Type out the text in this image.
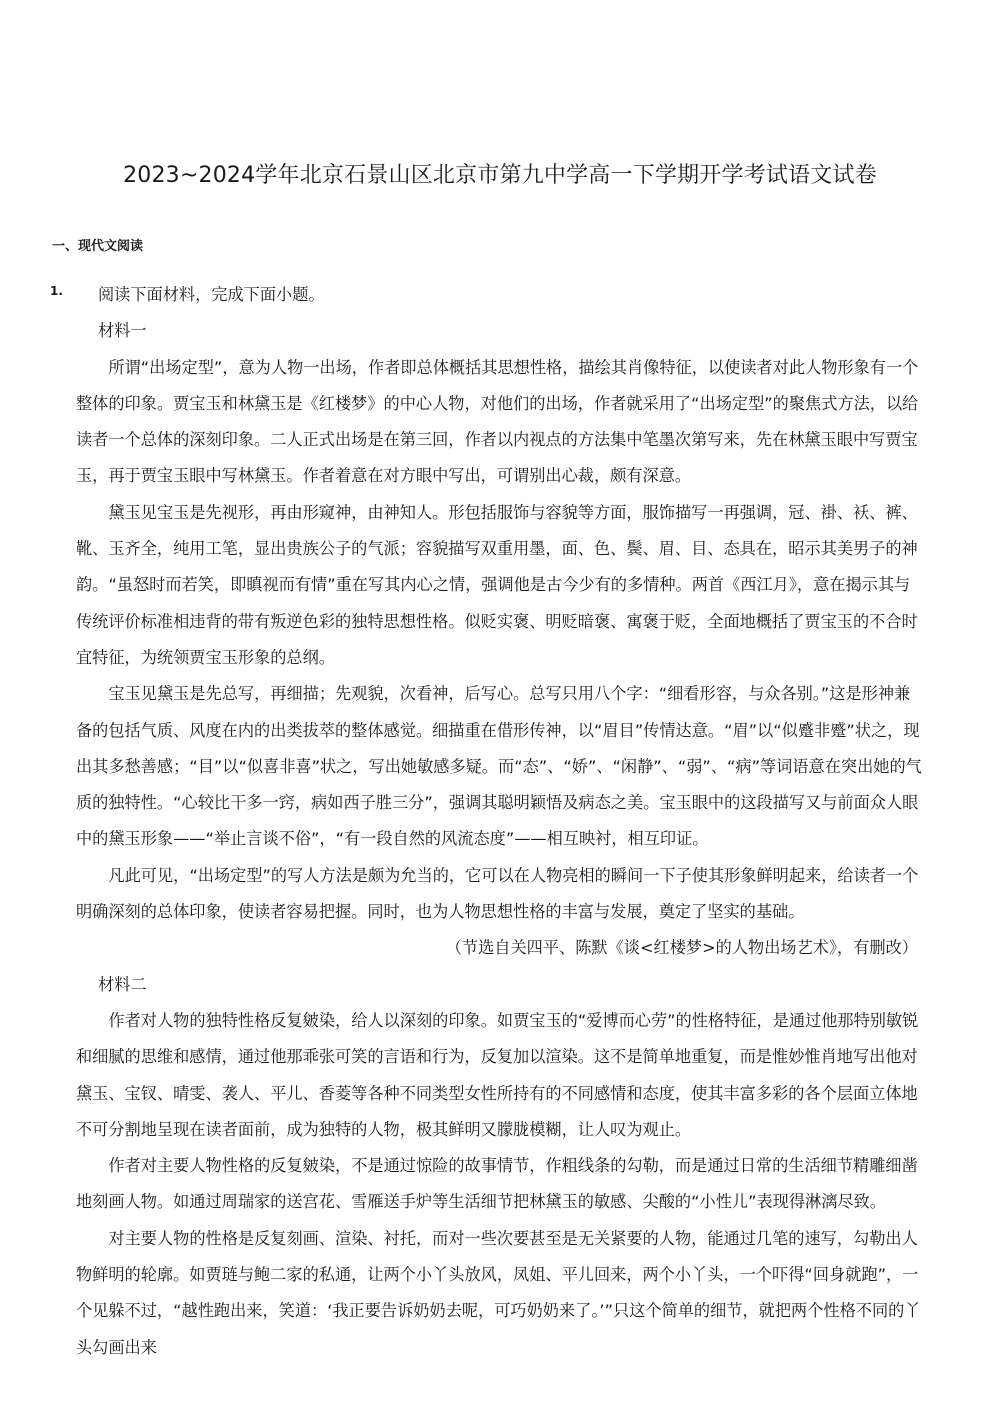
2023~2024学年北京石景山区北京市第九中学高一下学期开学考试语文试卷
一、现代文阅读
1.	阅读下面材料，完成下面小题。

材料一

所谓“出场定型”，意为人物一出场，作者即总体概括其思想性格，描绘其肖像特征，以使读者对此人物形象有一个整体的印象。贾宝玉和林黛玉是《红楼梦》的中心人物，对他们的出场，作者就采用了“出场定型”的聚焦式方法，以给读者一个总体的深刻印象。二人正式出场是在第三回，作者以内视点的方法集中笔墨次第写来，先在林黛玉眼中写贾宝玉，再于贾宝玉眼中写林黛玉。作者着意在对方眼中写出，可谓别出心裁，颇有深意。

黛玉见宝玉是先视形，再由形窥神，由神知人。形包括服饰与容貌等方面，服饰描写一再强调，冠、褂、袄、裤、靴、玉齐全，纯用工笔，显出贵族公子的气派；容貌描写双重用墨，面、色、鬓、眉、目、态具在，昭示其美男子的神韵。“虽怒时而若笑，即瞋视而有情”重在写其内心之情，强调他是古今少有的多情种。两首《西江月》，意在揭示其与传统评价标准相违背的带有叛逆色彩的独特思想性格。似贬实褒、明贬暗褒、寓褒于贬，全面地概括了贾宝玉的不合时宜特征，为统领贾宝玉形象的总纲。

宝玉见黛玉是先总写，再细描；先观貌，次看神，后写心。总写只用八个字：“细看形容，与众各别。”这是形神兼备的包括气质、风度在内的出类拔萃的整体感觉。细描重在借形传神，以“眉目”传情达意。“眉”以“似蹙非蹙”状之，现出其多愁善感；“目”以“似喜非喜”状之，写出她敏感多疑。而“态”、“娇”、“闲静”、“弱”、“病”等词语意在突出她的气质的独特性。“心较比干多一窍，病如西子胜三分”，强调其聪明颖悟及病态之美。宝玉眼中的这段描写又与前面众人眼中的黛玉形象——“举止言谈不俗”，“有一段自然的风流态度”——相互映衬，相互印证。

凡此可见，“出场定型”的写人方法是颇为允当的，它可以在人物亮相的瞬间一下子使其形象鲜明起来，给读者一个明确深刻的总体印象，使读者容易把握。同时，也为人物思想性格的丰富与发展，奠定了坚实的基础。

（节选自关四平、陈默《谈<红楼梦>的人物出场艺术》，有删改）

材料二

作者对人物的独特性格反复皴染，给人以深刻的印象。如贾宝玉的“爱博而心劳”的性格特征，是通过他那特别敏锐和细腻的思维和感情，通过他那乖张可笑的言语和行为，反复加以渲染。这不是简单地重复，而是惟妙惟肖地写出他对黛玉、宝钗、晴雯、袭人、平儿、香菱等各种不同类型女性所持有的不同感情和态度，使其丰富多彩的各个层面立体地不可分割地呈现在读者面前，成为独特的人物，极其鲜明又朦胧模糊，让人叹为观止。

作者对主要人物性格的反复皴染，不是通过惊险的故事情节，作粗线条的勾勒，而是通过日常的生活细节精雕细凿地刻画人物。如通过周瑞家的送宫花、雪雁送手炉等生活细节把林黛玉的敏感、尖酸的“小性儿”表现得淋漓尽致。

对主要人物的性格是反复刻画、渲染、衬托，而对一些次要甚至是无关紧要的人物，能通过几笔的速写，勾勒出人物鲜明的轮廓。如贾琏与鲍二家的私通，让两个小丫头放风，凤姐、平儿回来，两个小丫头，一个吓得“回身就跑”，一个见躲不过，“越性跑出来，笑道：‘我正要告诉奶奶去呢，可巧奶奶来了。’”只这个简单的细节，就把两个性格不同的丫头勾画出来
